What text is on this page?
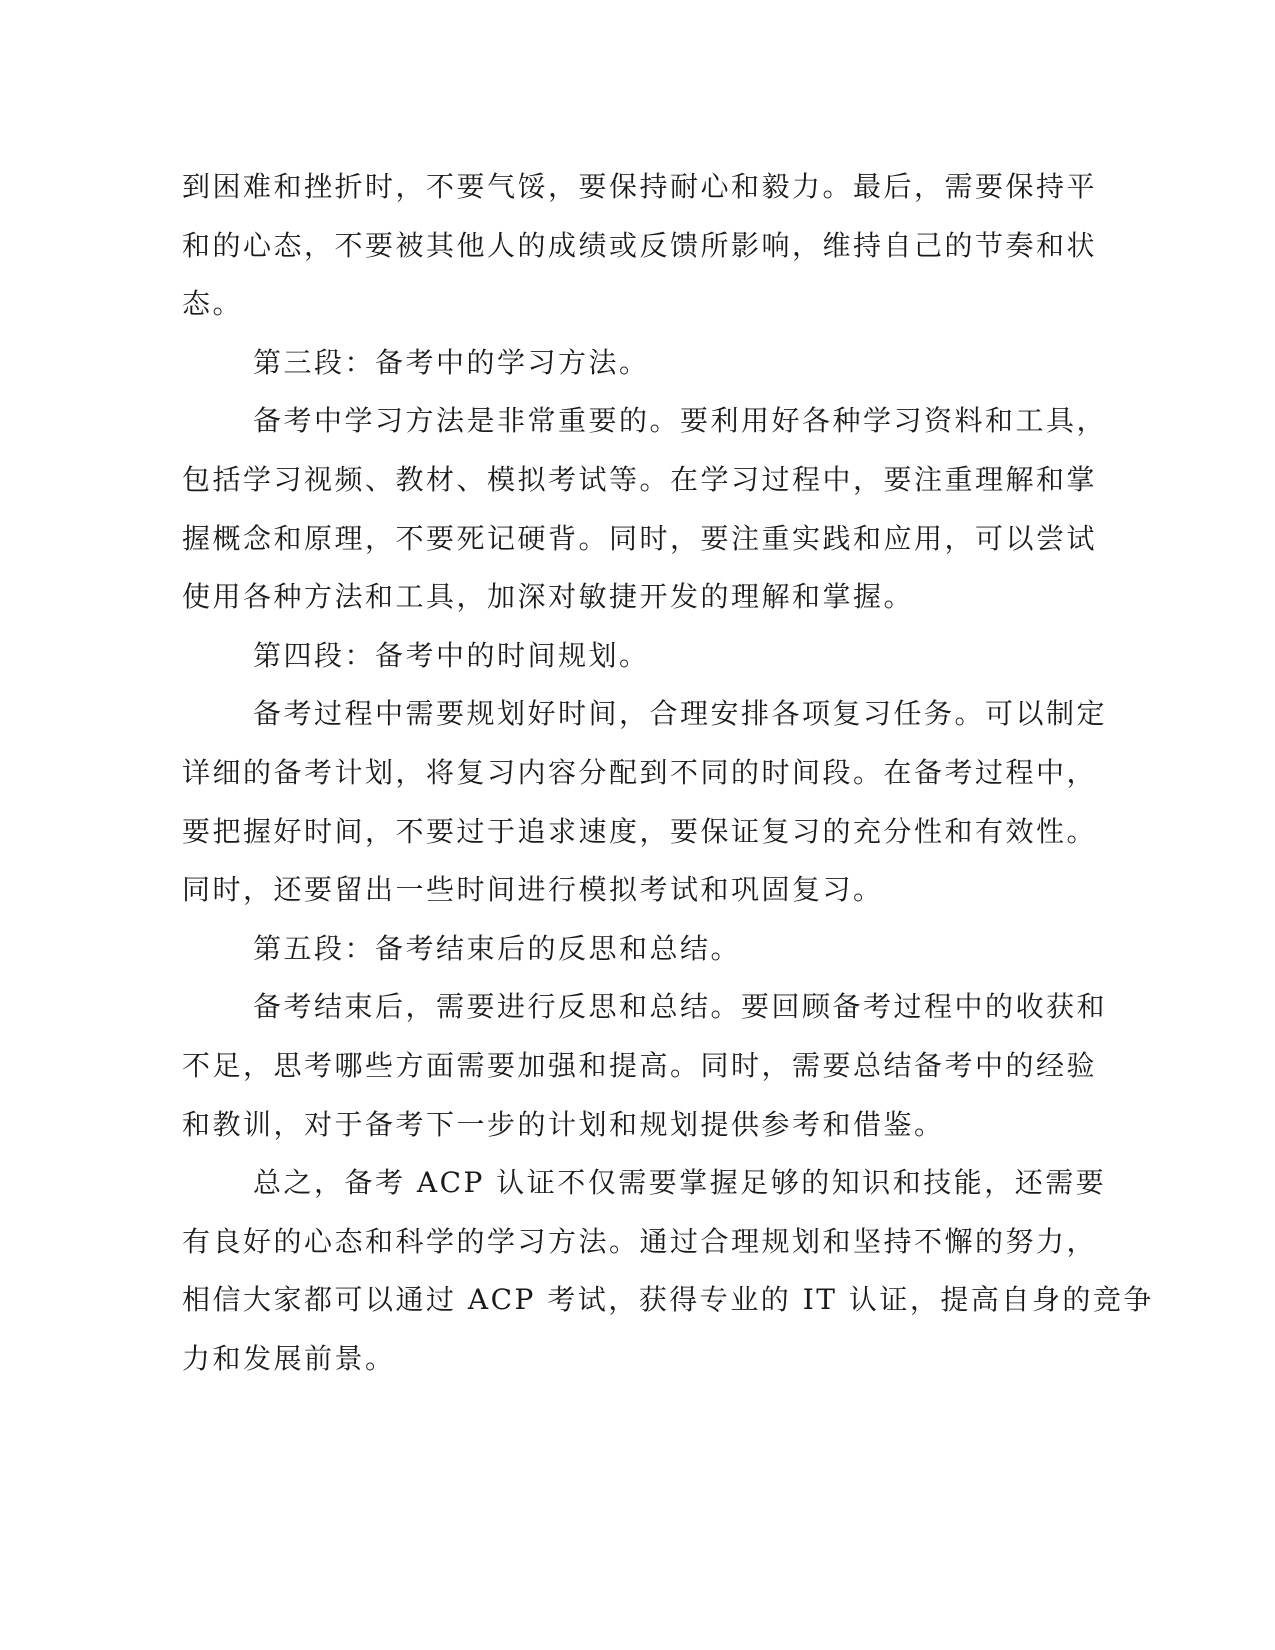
到困难和挫折时，不要气馁，要保持耐心和毅力。最后，需要保持平
和的心态，不要被其他人的成绩或反馈所影响，维持自己的节奏和状
态。
第三段：备考中的学习方法。
备考中学习方法是非常重要的。要利用好各种学习资料和工具，
包括学习视频、教材、模拟考试等。在学习过程中，要注重理解和掌
握概念和原理，不要死记硬背。同时，要注重实践和应用，可以尝试
使用各种方法和工具，加深对敏捷开发的理解和掌握。
第四段：备考中的时间规划。
备考过程中需要规划好时间，合理安排各项复习任务。可以制定
详细的备考计划，将复习内容分配到不同的时间段。在备考过程中，
要把握好时间，不要过于追求速度，要保证复习的充分性和有效性。
同时，还要留出一些时间进行模拟考试和巩固复习。
第五段：备考结束后的反思和总结。
备考结束后，需要进行反思和总结。要回顾备考过程中的收获和
不足，思考哪些方面需要加强和提高。同时，需要总结备考中的经验
和教训，对于备考下一步的计划和规划提供参考和借鉴。
总之，备考 ACP 认证不仅需要掌握足够的知识和技能，还需要
有良好的心态和科学的学习方法。通过合理规划和坚持不懈的努力，
相信大家都可以通过 ACP 考试，获得专业的 IT 认证，提高自身的竞争
力和发展前景。
